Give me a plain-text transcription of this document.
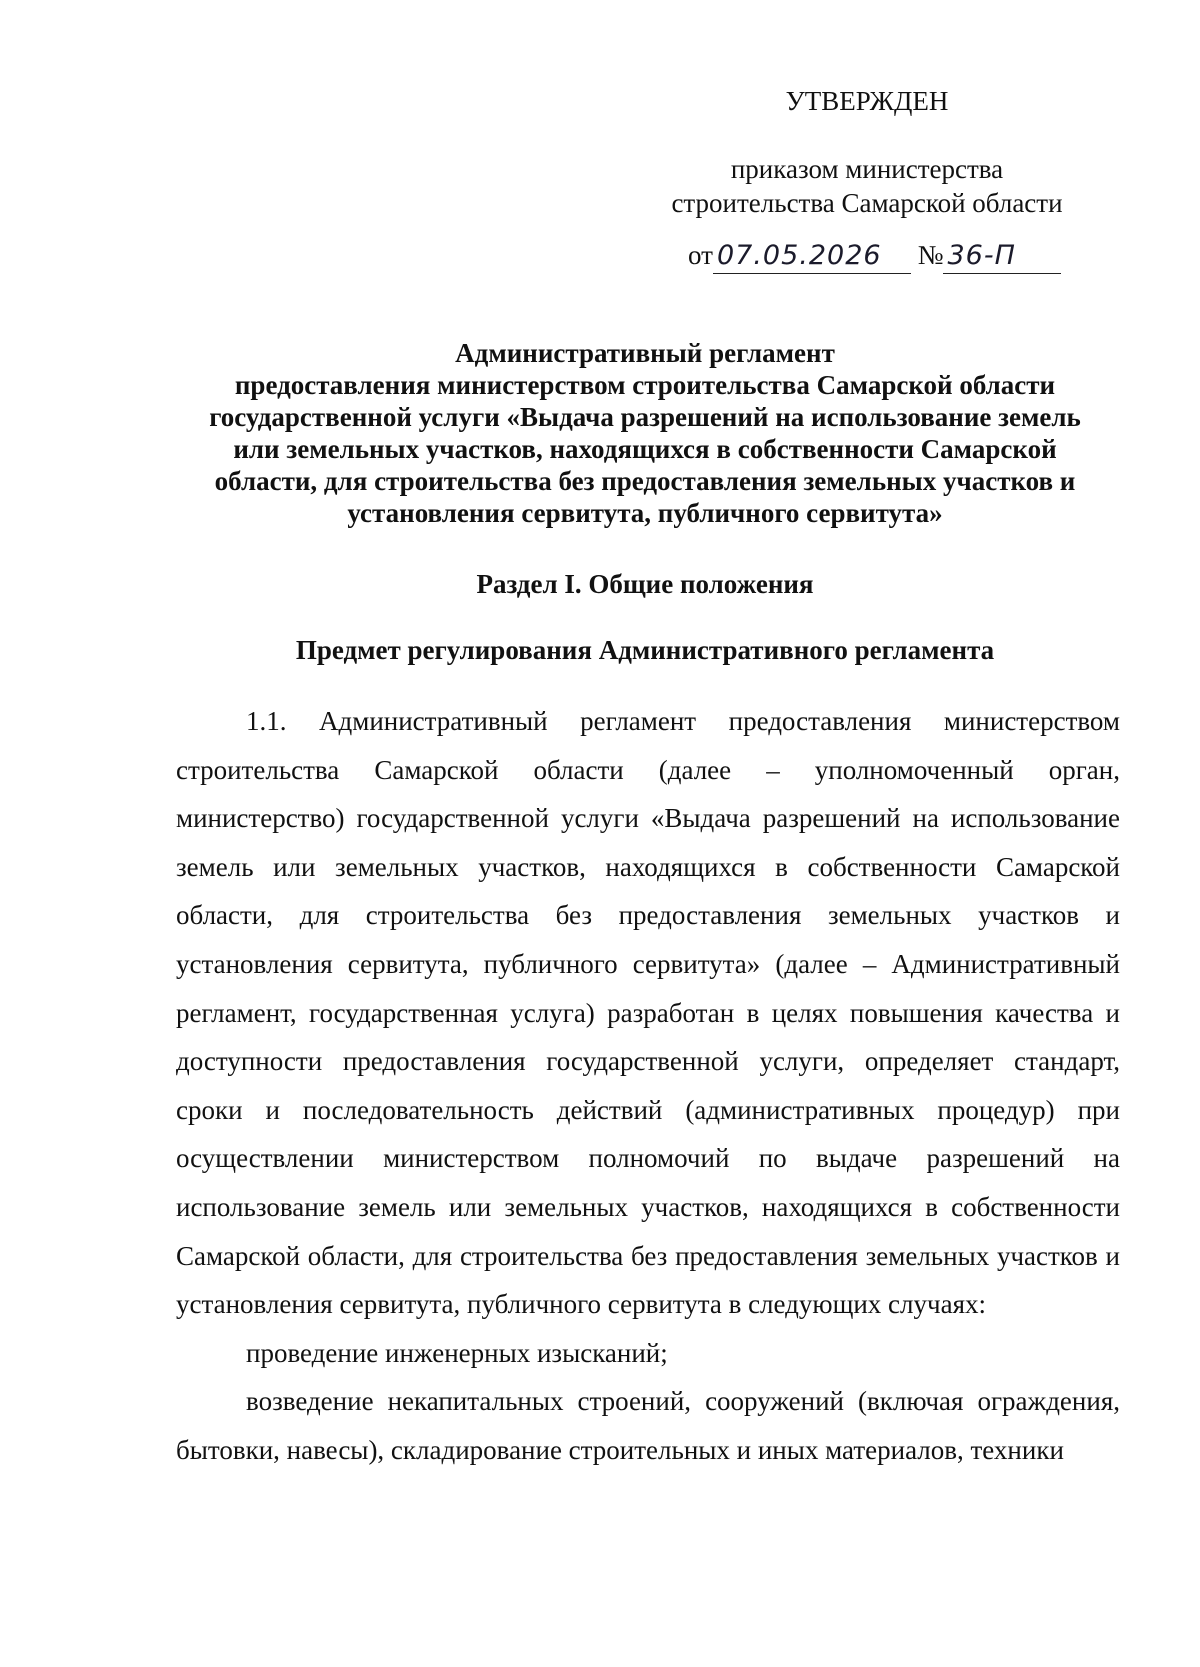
УТВЕРЖДЕН
приказом министерства
строительства Самарской области
от 07.05.2026 № 36-П
Административный регламент
предоставления министерством строительства Самарской области
государственной услуги «Выдача разрешений на использование земель
или земельных участков, находящихся в собственности Самарской
области, для строительства без предоставления земельных участков и
установления сервитута, публичного сервитута»
Раздел I. Общие положения
Предмет регулирования Административного регламента

1.1. Административный регламент предоставления министерством строительства Самарской области (далее – уполномоченный орган, министерство) государственной услуги «Выдача разрешений на использование земель или земельных участков, находящихся в собственности Самарской области, для строительства без предоставления земельных участков и установления сервитута, публичного сервитута» (далее – Административный регламент, государственная услуга) разработан в целях повышения качества и доступности предоставления государственной услуги, определяет стандарт, сроки и последовательность действий (административных процедур) при осуществлении министерством полномочий по выдаче разрешений на использование земель или земельных участков, находящихся в собственности Самарской области, для строительства без предоставления земельных участков и установления сервитута, публичного сервитута в следующих случаях:

проведение инженерных изысканий;

возведение некапитальных строений, сооружений (включая ограждения, бытовки, навесы), складирование строительных и иных материалов, техники
